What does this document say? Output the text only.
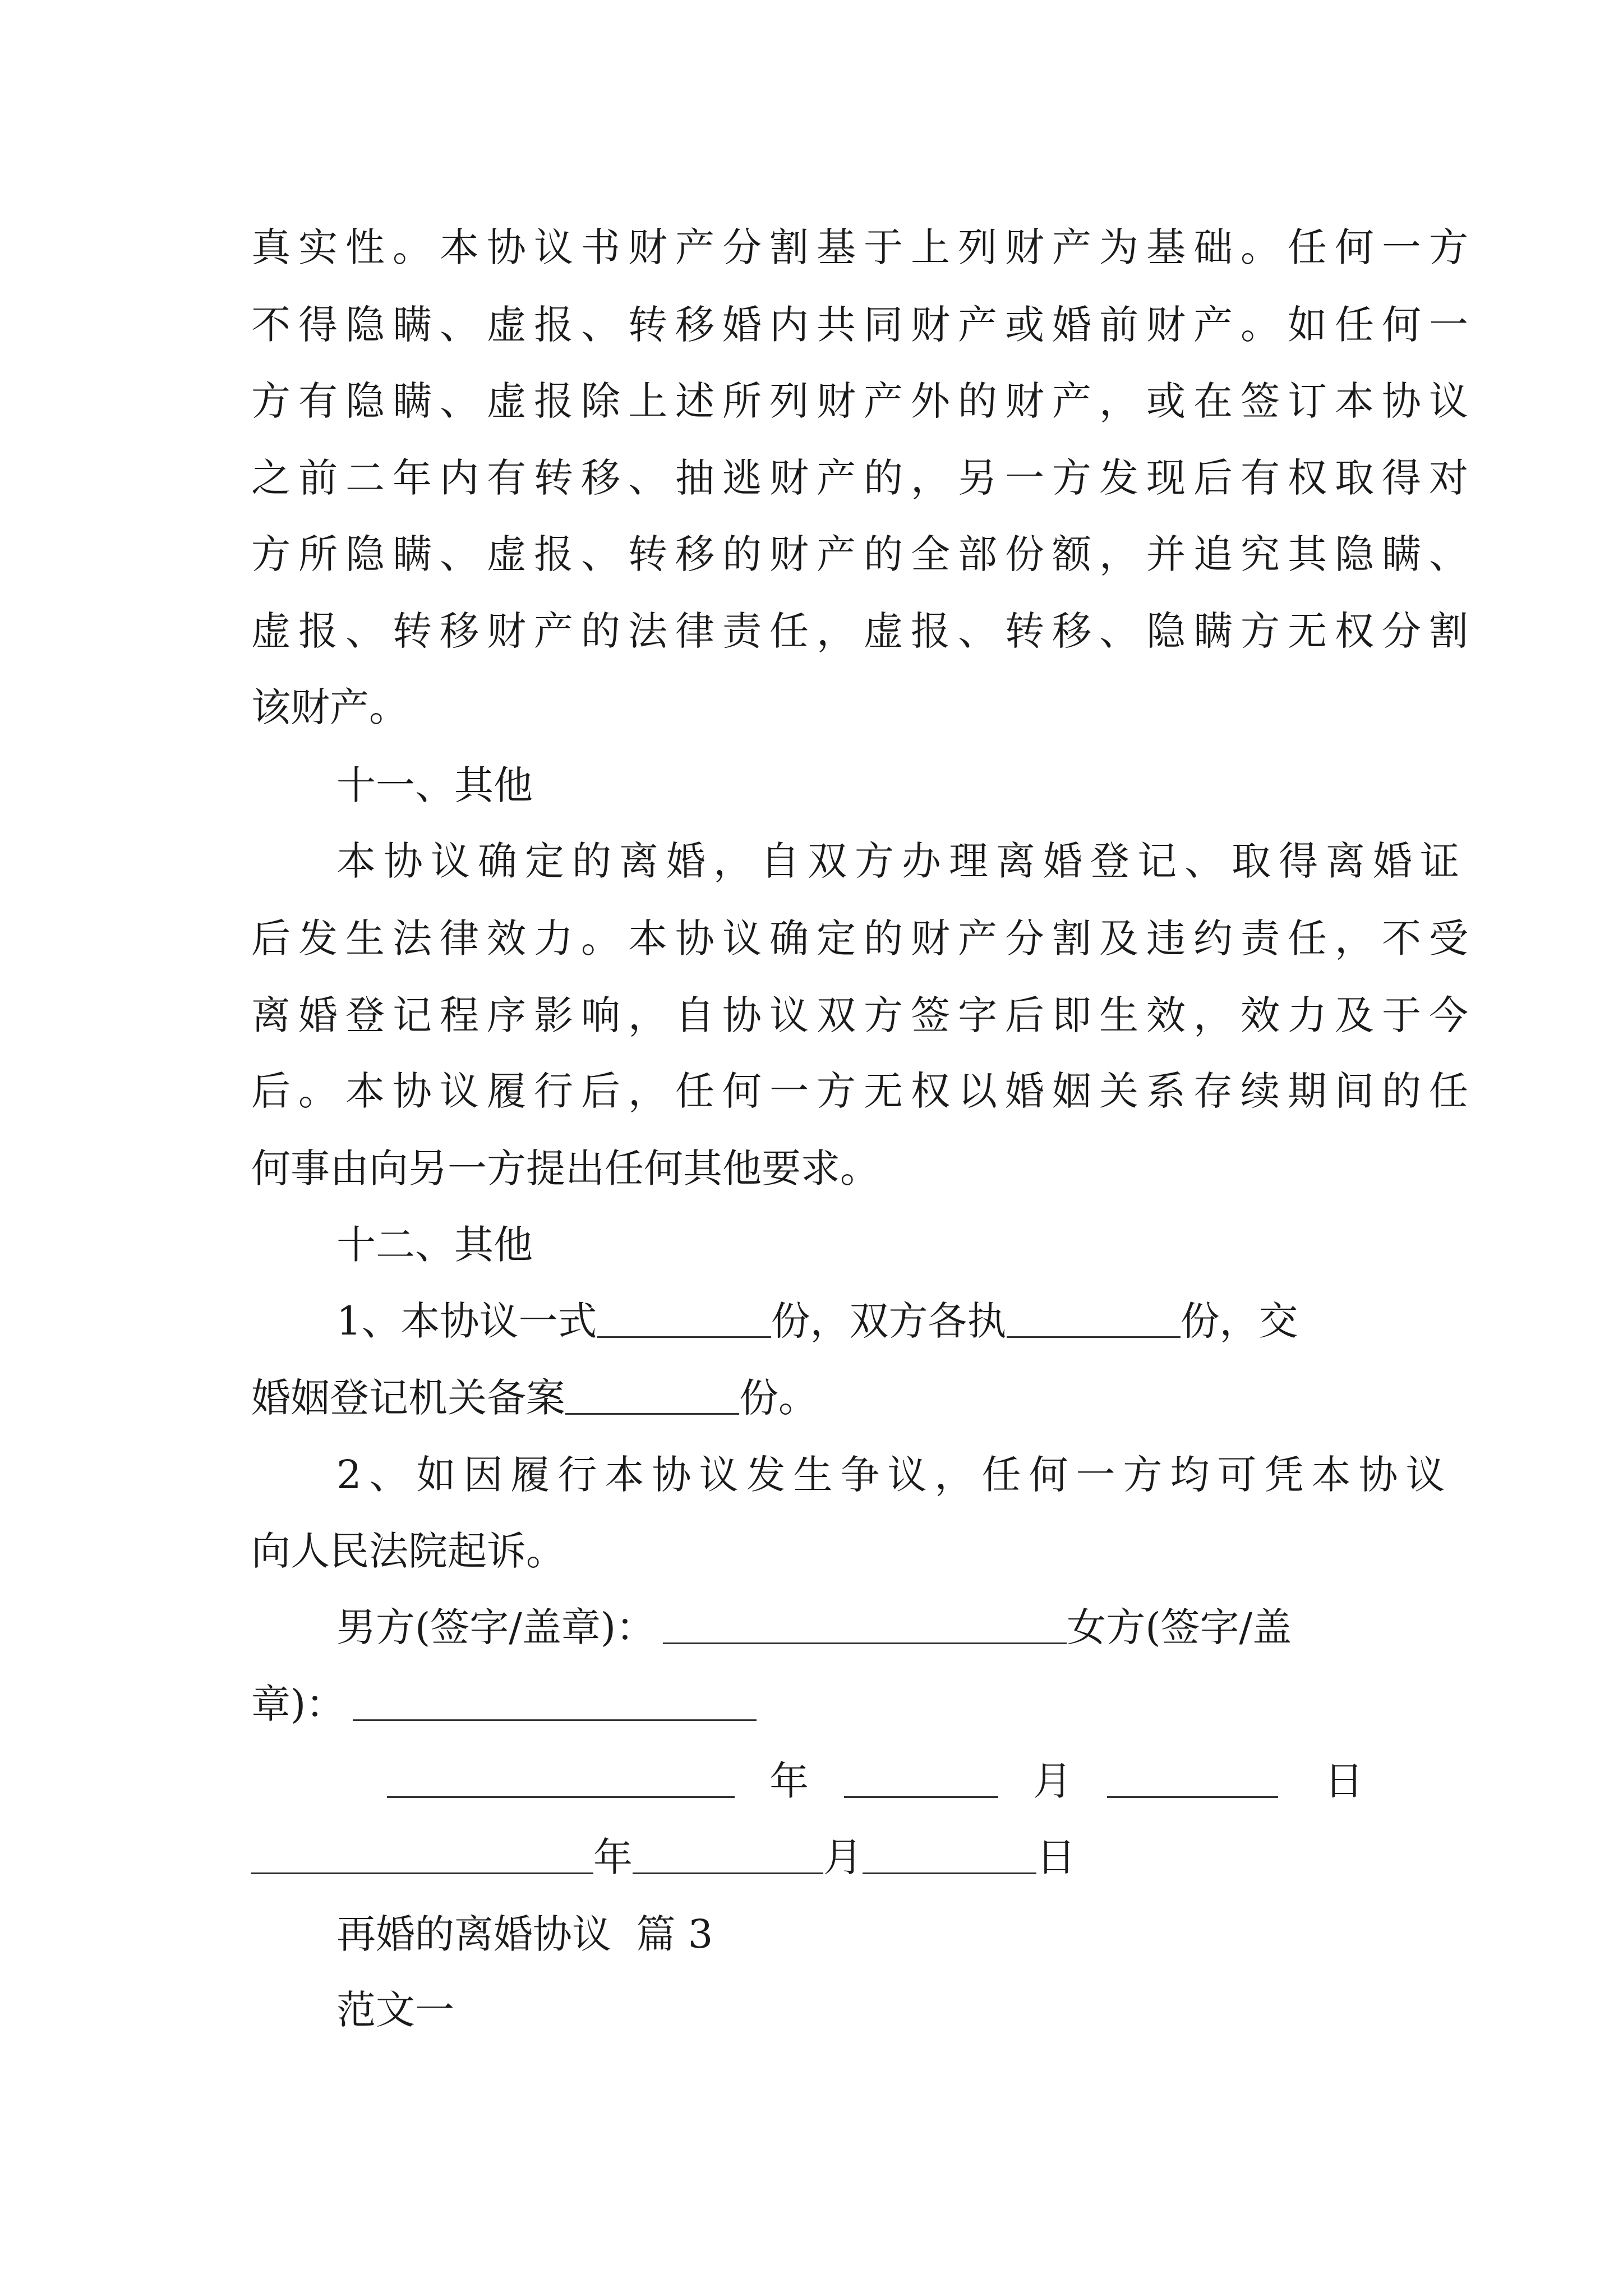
真实性。本协议书财产分割基于上列财产为基础。任何一方
不得隐瞒、虚报、转移婚内共同财产或婚前财产。如任何一
方有隐瞒、虚报除上述所列财产外的财产，或在签订本协议
之前二年内有转移、抽逃财产的，另一方发现后有权取得对
方所隐瞒、虚报、转移的财产的全部份额，并追究其隐瞒、
虚报、转移财产的法律责任，虚报、转移、隐瞒方无权分割
该财产。
十一、其他
本协议确定的离婚，自双方办理离婚登记、取得离婚证
后发生法律效力。本协议确定的财产分割及违约责任，不受
离婚登记程序影响，自协议双方签字后即生效，效力及于今
后。本协议履行后，任何一方无权以婚姻关系存续期间的任
何事由向另一方提出任何其他要求。
十二、其他
1、本协议一式	份，双方各执	份，交
婚姻登记机关备案	份。
2、如因履行本协议发生争议，任何一方均可凭本协议
向人民法院起诉。
男方(签字/盖章)：	女方(签字/盖
章)：
年	月	日
年	月	日
再婚的离婚协议  篇 3
范文一
